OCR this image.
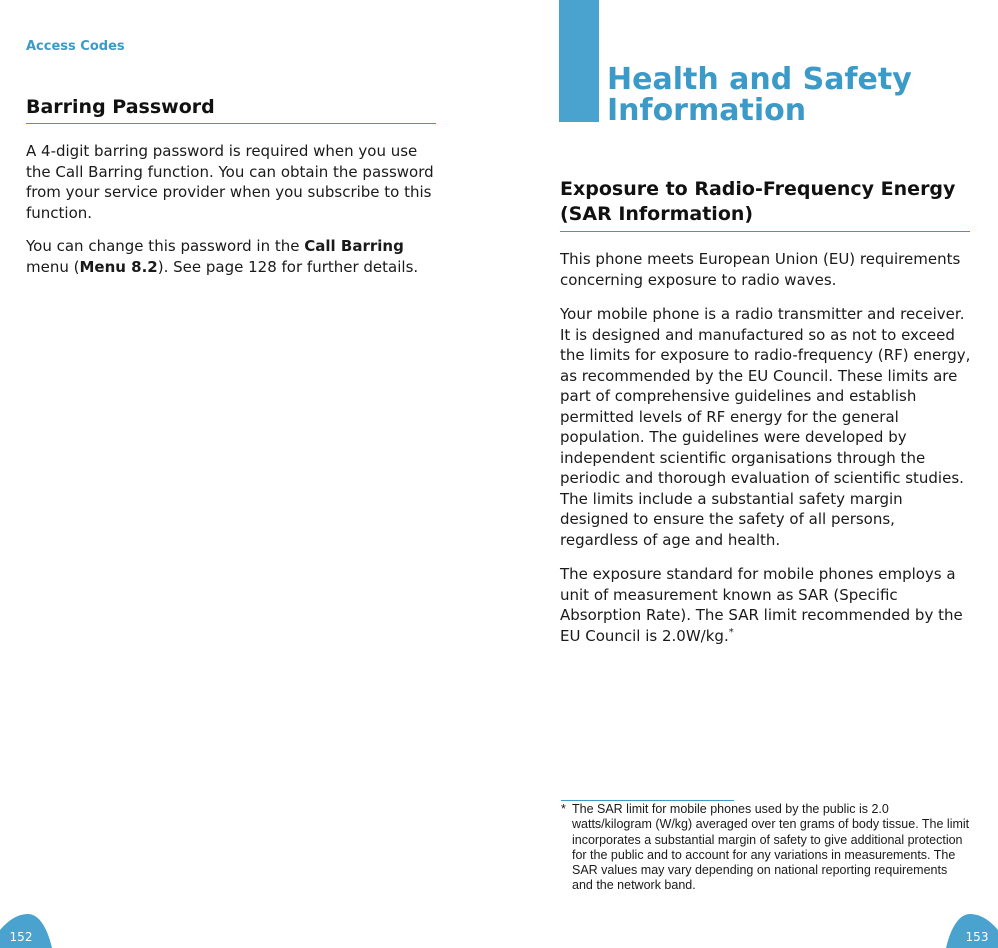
Access Codes
Barring Password
A 4-digit barring password is required when you use the Call Barring function. You can obtain the password from your service provider when you subscribe to this function.
You can change this password in the Call Barring menu (Menu 8.2). See page 128 for further details.
152
Health and Safety
Information
Exposure to Radio-Frequency Energy
(SAR Information)
This phone meets European Union (EU) requirements concerning exposure to radio waves.
Your mobile phone is a radio transmitter and receiver. It is designed and manufactured so as not to exceed the limits for exposure to radio-frequency (RF) energy, as recommended by the EU Council. These limits are part of comprehensive guidelines and establish permitted levels of RF energy for the general population. The guidelines were developed by independent scientific organisations through the periodic and thorough evaluation of scientific studies. The limits include a substantial safety margin designed to ensure the safety of all persons, regardless of age and health.
The exposure standard for mobile phones employs a unit of measurement known as SAR (Specific Absorption Rate). The SAR limit recommended by the EU Council is 2.0W/kg.*
* The SAR limit for mobile phones used by the public is 2.0 watts/kilogram (W/kg) averaged over ten grams of body tissue. The limit incorporates a substantial margin of safety to give additional protection for the public and to account for any variations in measurements. The SAR values may vary depending on national reporting requirements and the network band.
153
